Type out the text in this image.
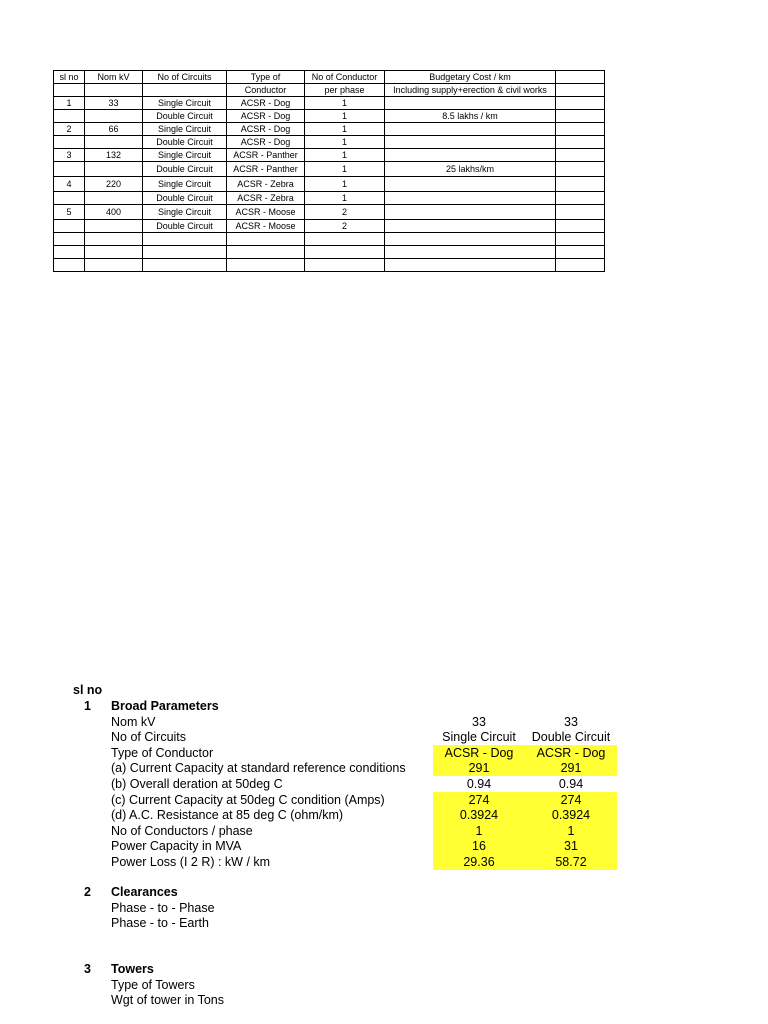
sl no	Nom kV	No of Circuits	Type of	No of Conductor	Budgetary Cost / km	
			Conductor	per phase	Including supply+erection & civil works	
1	33	Single Circuit	ACSR - Dog	1		
		Double Circuit	ACSR - Dog	1	8.5 lakhs / km	
2	66	Single Circuit	ACSR - Dog	1		
		Double Circuit	ACSR - Dog	1		
3	132	Single Circuit	ACSR - Panther	1		
		Double Circuit	ACSR - Panther	1	25 lakhs/km	
4	220	Single Circuit	ACSR - Zebra	1		
		Double Circuit	ACSR - Zebra	1		
5	400	Single Circuit	ACSR - Moose	2		
		Double Circuit	ACSR - Moose	2		

sl no
1 Broad Parameters
Nom kV	33	33
No of Circuits	Single Circuit	Double Circuit
Type of Conductor	ACSR - Dog	ACSR - Dog
(a) Current Capacity at standard reference conditions	291	291
(b) Overall deration at 50deg C	0.94	0.94
(c) Current Capacity at 50deg C condition (Amps)	274	274
(d) A.C. Resistance at 85 deg C (ohm/km)	0.3924	0.3924
No of Conductors / phase	1	1
Power Capacity in MVA	16	31
Power Loss (I 2 R) : kW / km	29.36	58.72
2 Clearances
Phase - to - Phase
Phase - to - Earth
3 Towers
Type of Towers
Wgt of tower in Tons
